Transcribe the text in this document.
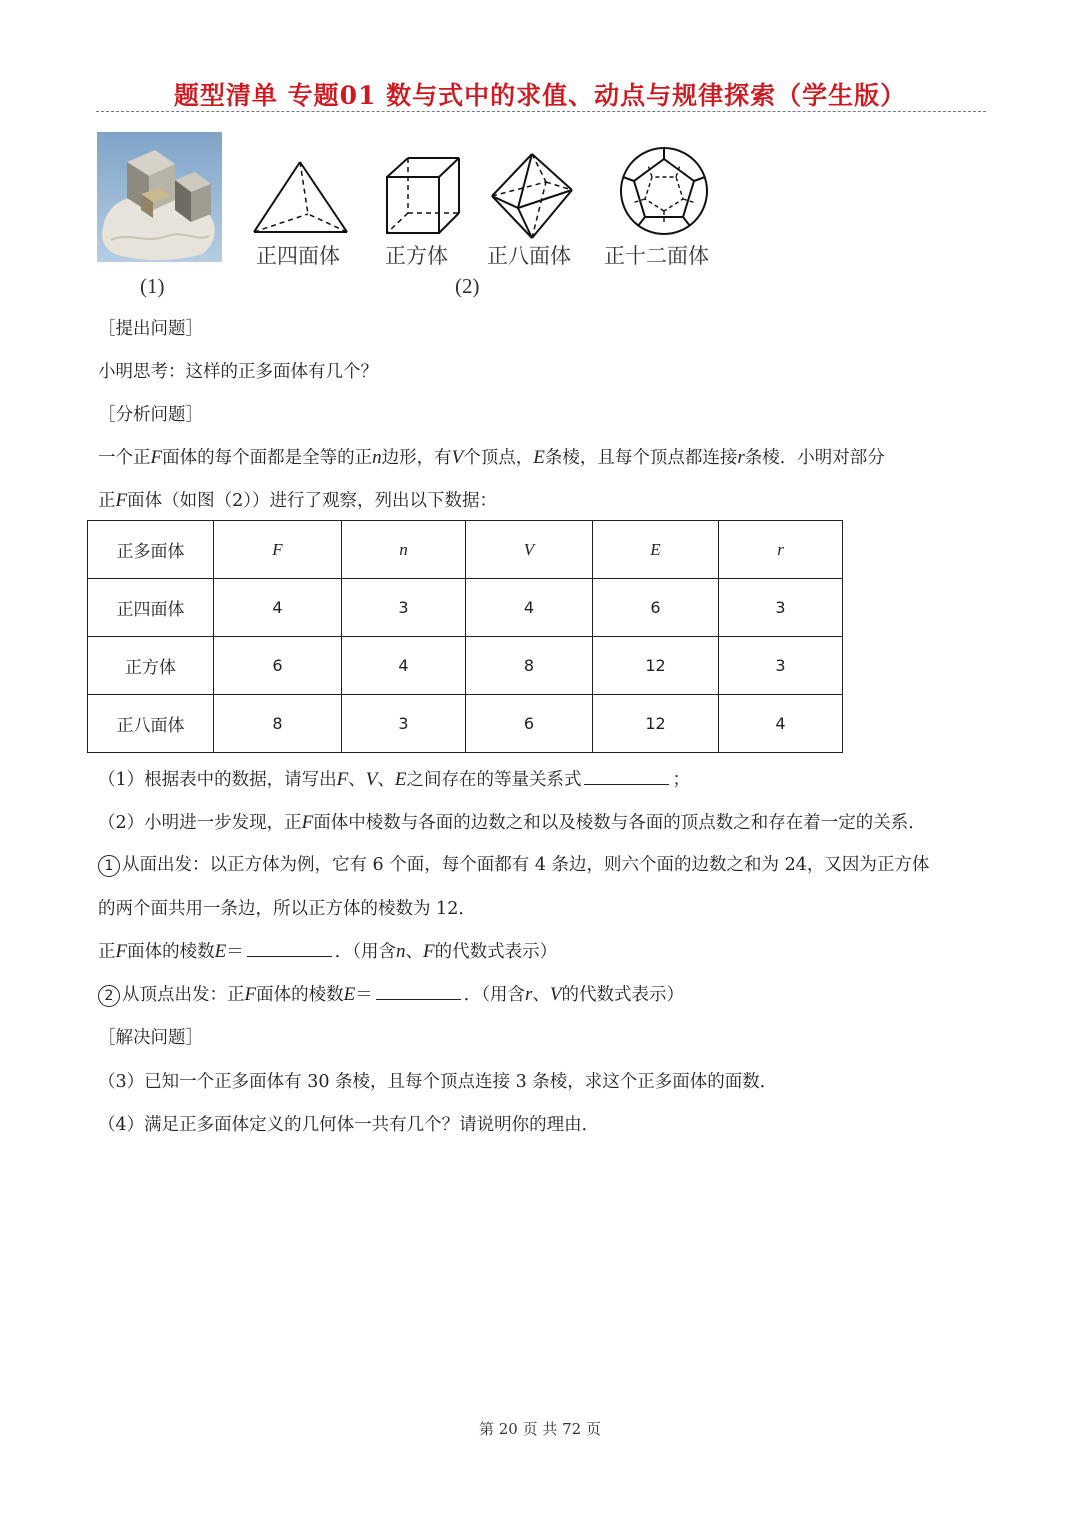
题型清单 专题01 数与式中的求值、动点与规律探索（学生版）
正四面体 正方体 正八面体 正十二面体
(1)	(2)
［提出问题］
小明思考：这样的正多面体有几个？
［分析问题］
一个正F面体的每个面都是全等的正n边形，有V个顶点，E条棱，且每个顶点都连接r条棱．小明对部分
正F面体（如图（2））进行了观察，列出以下数据：
正多面体	F	n	V	E	r
正四面体	4	3	4	6	3
正方体	6	4	8	12	3
正八面体	8	3	6	12	4
（1）根据表中的数据，请写出F、V、E之间存在的等量关系式	；
（2）小明进一步发现，正F面体中棱数与各面的边数之和以及棱数与各面的顶点数之和存在着一定的关系．
1 从面出发：以正方体为例，它有 6 个面，每个面都有 4 条边，则六个面的边数之和为 24，又因为正方体
的两个面共用一条边，所以正方体的棱数为 12．
正F面体的棱数E＝	．（用含n、F的代数式表示）
2 从顶点出发：正F面体的棱数E＝	．（用含r、V的代数式表示）
［解决问题］
（3）已知一个正多面体有 30 条棱，且每个顶点连接 3 条棱，求这个正多面体的面数．
（4）满足正多面体定义的几何体一共有几个？请说明你的理由．
第 20 页 共 72 页
